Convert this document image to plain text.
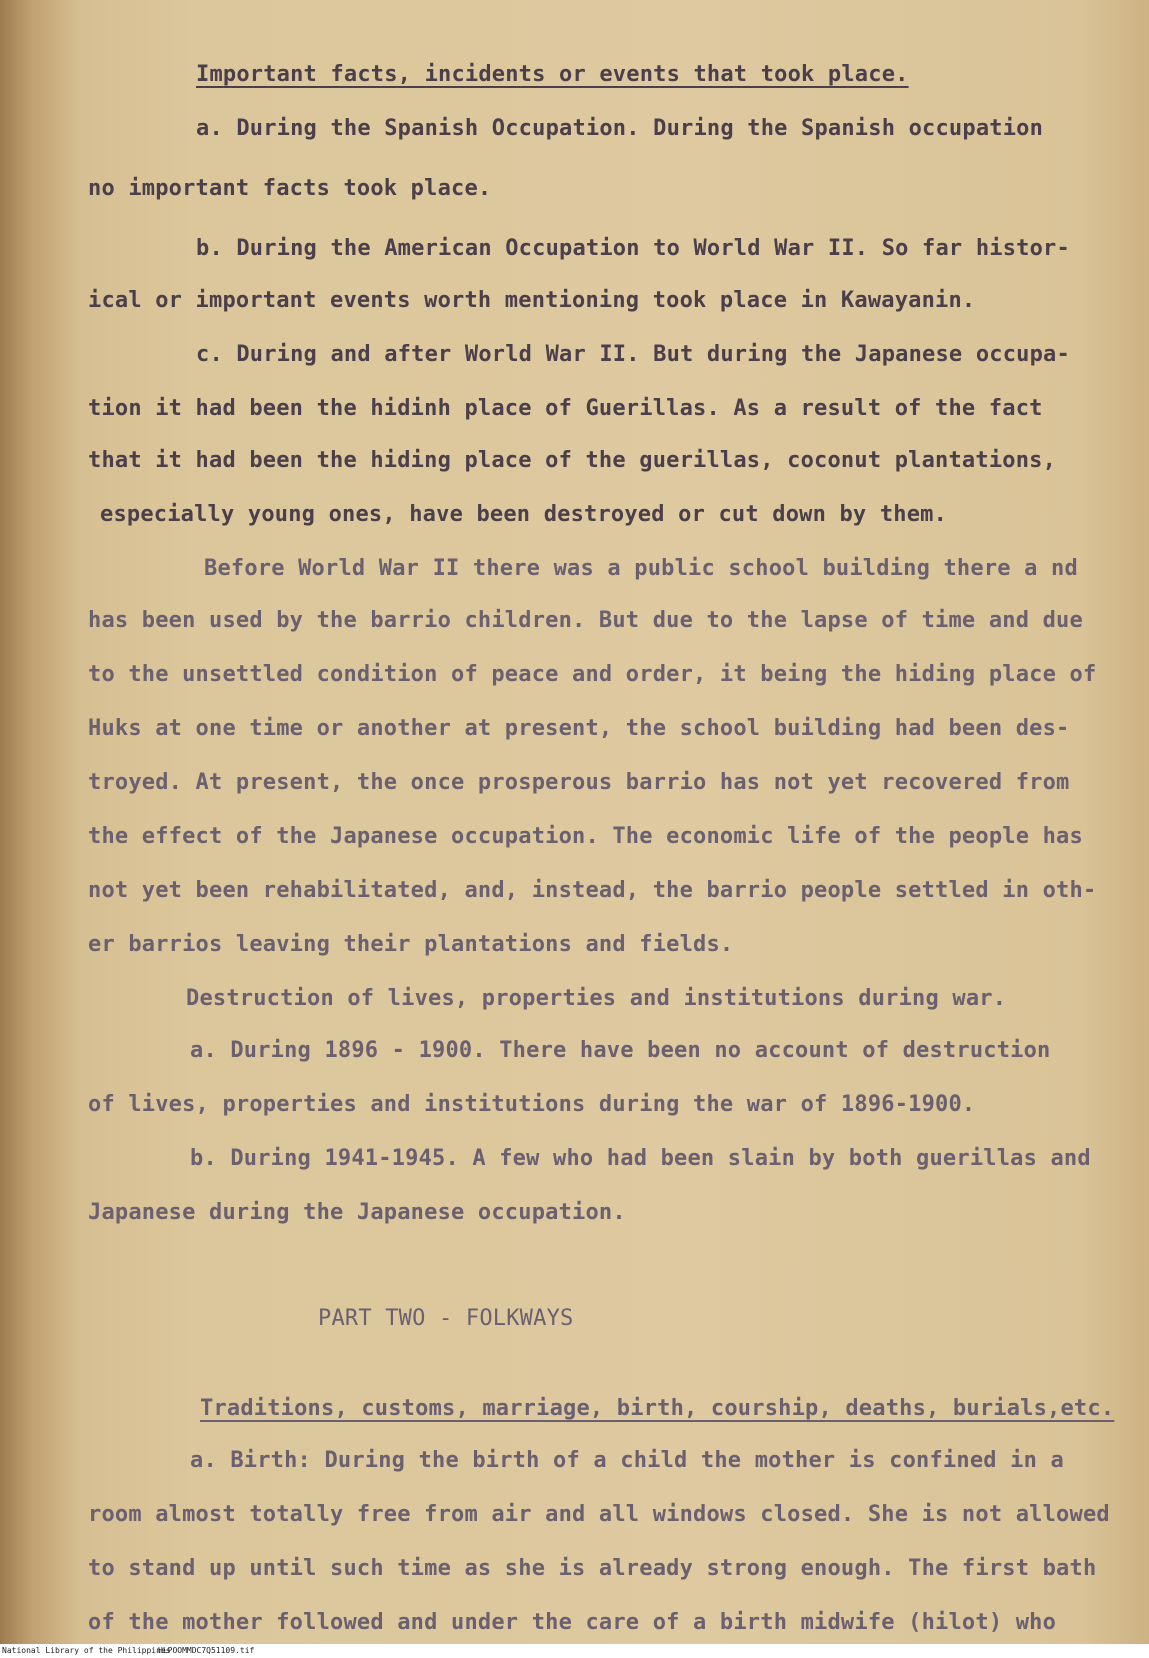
Important facts, incidents or events that took place.

a. During the Spanish Occupation. During the Spanish occupation

no important facts took place.

b. During the American Occupation to World War II. So far histor-

ical or important events worth mentioning took place in Kawayanin.

c. During and after World War II. But during the Japanese occupa-

tion it had been the hidinh place of Guerillas. As a result of the fact

that it had been the hiding place of the guerillas, coconut plantations,

especially young ones, have been destroyed or cut down by them.

Before World War II there was a public school building there a nd

has been used by the barrio children. But due to the lapse of time and due

to the unsettled condition of peace and order, it being the hiding place of

Huks at one time or another at present, the school building had been des-

troyed. At present, the once prosperous barrio has not yet recovered from

the effect of the Japanese occupation. The economic life of the people has

not yet been rehabilitated, and, instead, the barrio people settled in oth-

er barrios leaving their plantations and fields.

Destruction of lives, properties and institutions during war.

a. During 1896 - 1900. There have been no account of destruction

of lives, properties and institutions during the war of 1896-1900.

b. During 1941-1945. A few who had been slain by both guerillas and

Japanese during the Japanese occupation.

PART TWO - FOLKWAYS

Traditions, customs, marriage, birth, courship, deaths, burials,etc.

a. Birth: During the birth of a child the mother is confined in a

room almost totally free from air and all windows closed. She is not allowed

to stand up until such time as she is already strong enough. The first bath

of the mother followed and under the care of a birth midwife (hilot) who

National Library of the Philippines
HLPOOMMDC7Q51109.tif
